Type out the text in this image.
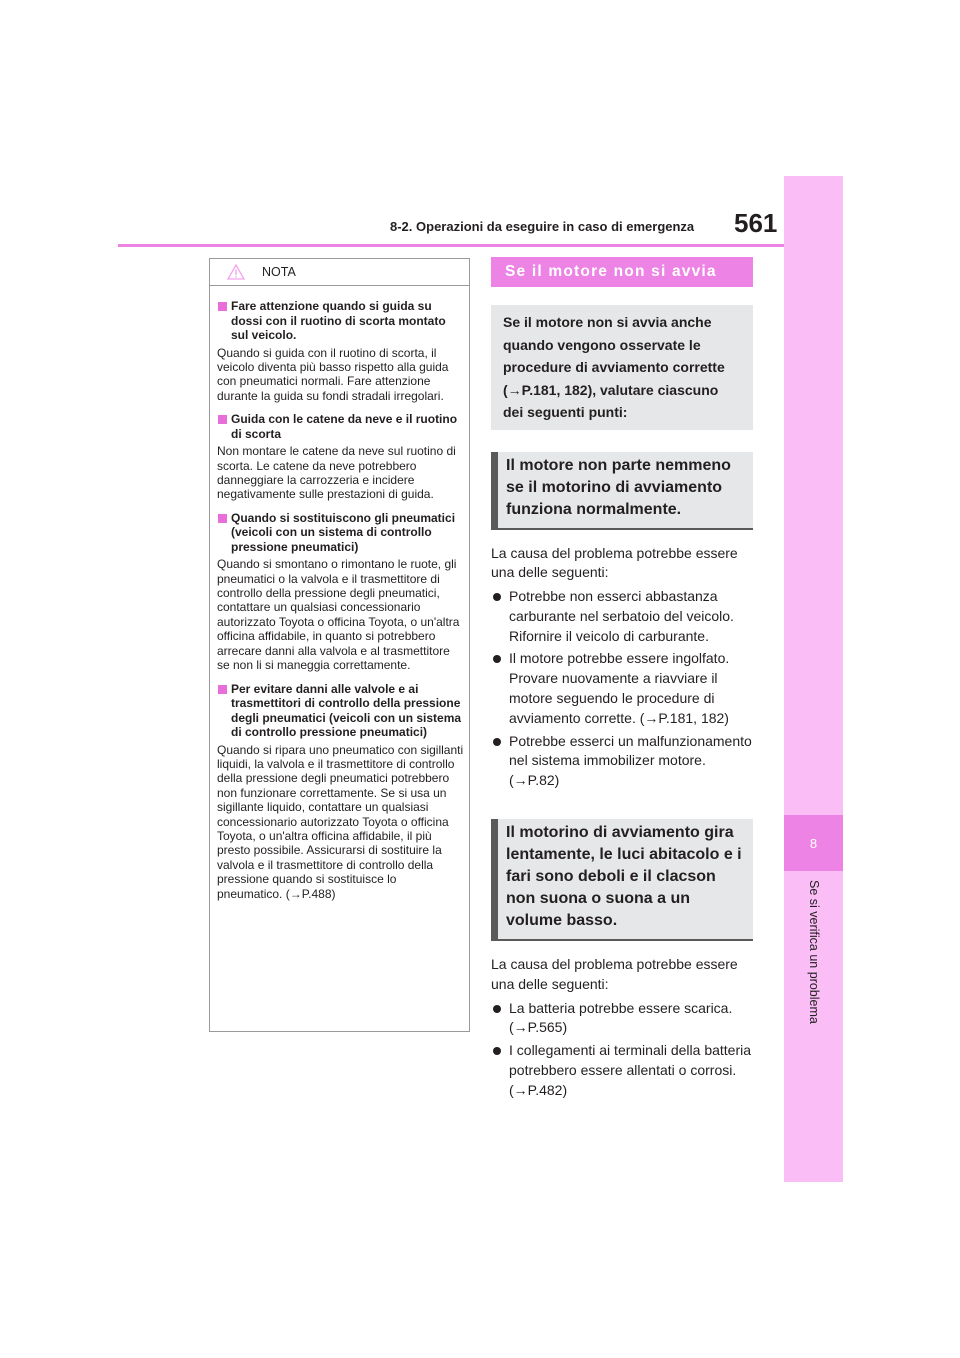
8
Se si verifica un problema
8-2. Operazioni da eseguire in caso di emergenza 561
NOTA
Fare attenzione quando si guida su dossi con il ruotino di scorta montato sul veicolo.

Quando si guida con il ruotino di scorta, il veicolo diventa più basso rispetto alla guida con pneumatici normali. Fare attenzione durante la guida su fondi stradali irregolari.

Guida con le catene da neve e il ruotino di scorta

Non montare le catene da neve sul ruotino di scorta. Le catene da neve potrebbero danneggiare la carrozzeria e incidere negativamente sulle prestazioni di guida.

Quando si sostituiscono gli pneumatici (veicoli con un sistema di controllo pressione pneumatici)

Quando si smontano o rimontano le ruote, gli pneumatici o la valvola e il trasmettitore di controllo della pressione degli pneumatici, contattare un qualsiasi concessionario autorizzato Toyota o officina Toyota, o un'altra officina affidabile, in quanto si potrebbero arrecare danni alla valvola e al trasmettitore se non li si maneggia correttamente.

Per evitare danni alle valvole e ai trasmettitori di controllo della pressione degli pneumatici (veicoli con un sistema di controllo pressione pneumatici)

Quando si ripara uno pneumatico con sigillanti liquidi, la valvola e il trasmettitore di controllo della pressione degli pneumatici potrebbero non funzionare correttamente. Se si usa un sigillante liquido, contattare un qualsiasi concessionario autorizzato Toyota o officina Toyota, o un'altra officina affidabile, il più presto possibile. Assicurarsi di sostituire la valvola e il trasmettitore di controllo della pressione quando si sostituisce lo pneumatico. (→P.488)

Se il motore non si avvia
Se il motore non si avvia anche quando vengono osservate le procedure di avviamento corrette (→P.181, 182), valutare ciascuno dei seguenti punti:
Il motore non parte nemmeno se il motorino di avviamento funziona normalmente.

La causa del problema potrebbe essere una delle seguenti:

Potrebbe non esserci abbastanza carburante nel serbatoio del veicolo. Rifornire il veicolo di carburante.
Il motore potrebbe essere ingolfato. Provare nuovamente a riavviare il motore seguendo le procedure di avviamento corrette. (→P.181, 182)
Potrebbe esserci un malfunzionamento nel sistema immobilizer motore. (→P.82)
Il motorino di avviamento gira lentamente, le luci abitacolo e i fari sono deboli e il clacson non suona o suona a un volume basso.

La causa del problema potrebbe essere una delle seguenti:

La batteria potrebbe essere scarica. (→P.565)
I collegamenti ai terminali della batteria potrebbero essere allentati o corrosi. (→P.482)
